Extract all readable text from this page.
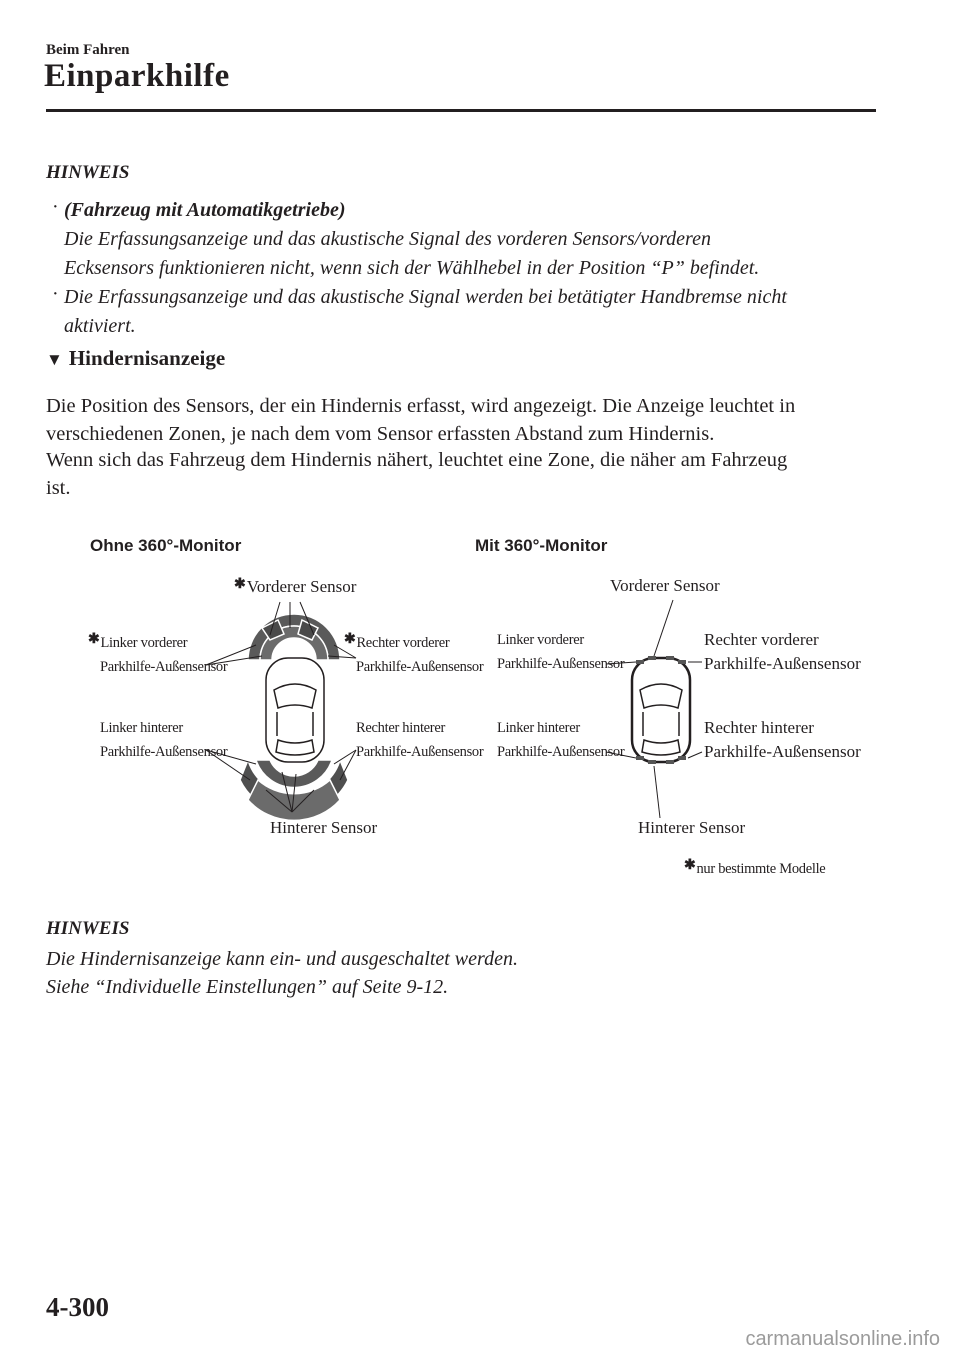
Beim Fahren
Einparkhilfe
HINWEIS
· (Fahrzeug mit Automatikgetriebe)
Die Erfassungsanzeige und das akustische Signal des vorderen Sensors/vorderen
Ecksensors funktionieren nicht, wenn sich der Wählhebel in der Position “P” befindet.
· Die Erfassungsanzeige und das akustische Signal werden bei betätigter Handbremse nicht
aktiviert.
▼ Hindernisanzeige
Die Position des Sensors, der ein Hindernis erfasst, wird angezeigt. Die Anzeige leuchtet in
verschiedenen Zonen, je nach dem vom Sensor erfassten Abstand zum Hindernis.
Wenn sich das Fahrzeug dem Hindernis nähert, leuchtet eine Zone, die näher am Fahrzeug
ist.
Ohne 360°-Monitor	Mit 360°-Monitor
✱Vorderer Sensor
✱Linker vorderer
Parkhilfe-Außensensor
✱Rechter vorderer
Parkhilfe-Außensensor
Linker hinterer
Parkhilfe-Außensensor
Rechter hinterer
Parkhilfe-Außensensor
Hinterer Sensor
Vorderer Sensor
Linker vorderer
Parkhilfe-Außensensor
Rechter vorderer
Parkhilfe-Außensensor
Linker hinterer
Parkhilfe-Außensensor
Rechter hinterer
Parkhilfe-Außensensor
Hinterer Sensor
✱nur bestimmte Modelle
HINWEIS
Die Hindernisanzeige kann ein- und ausgeschaltet werden.
Siehe “Individuelle Einstellungen” auf Seite 9-12.
4-300
carmanualsonline.info
